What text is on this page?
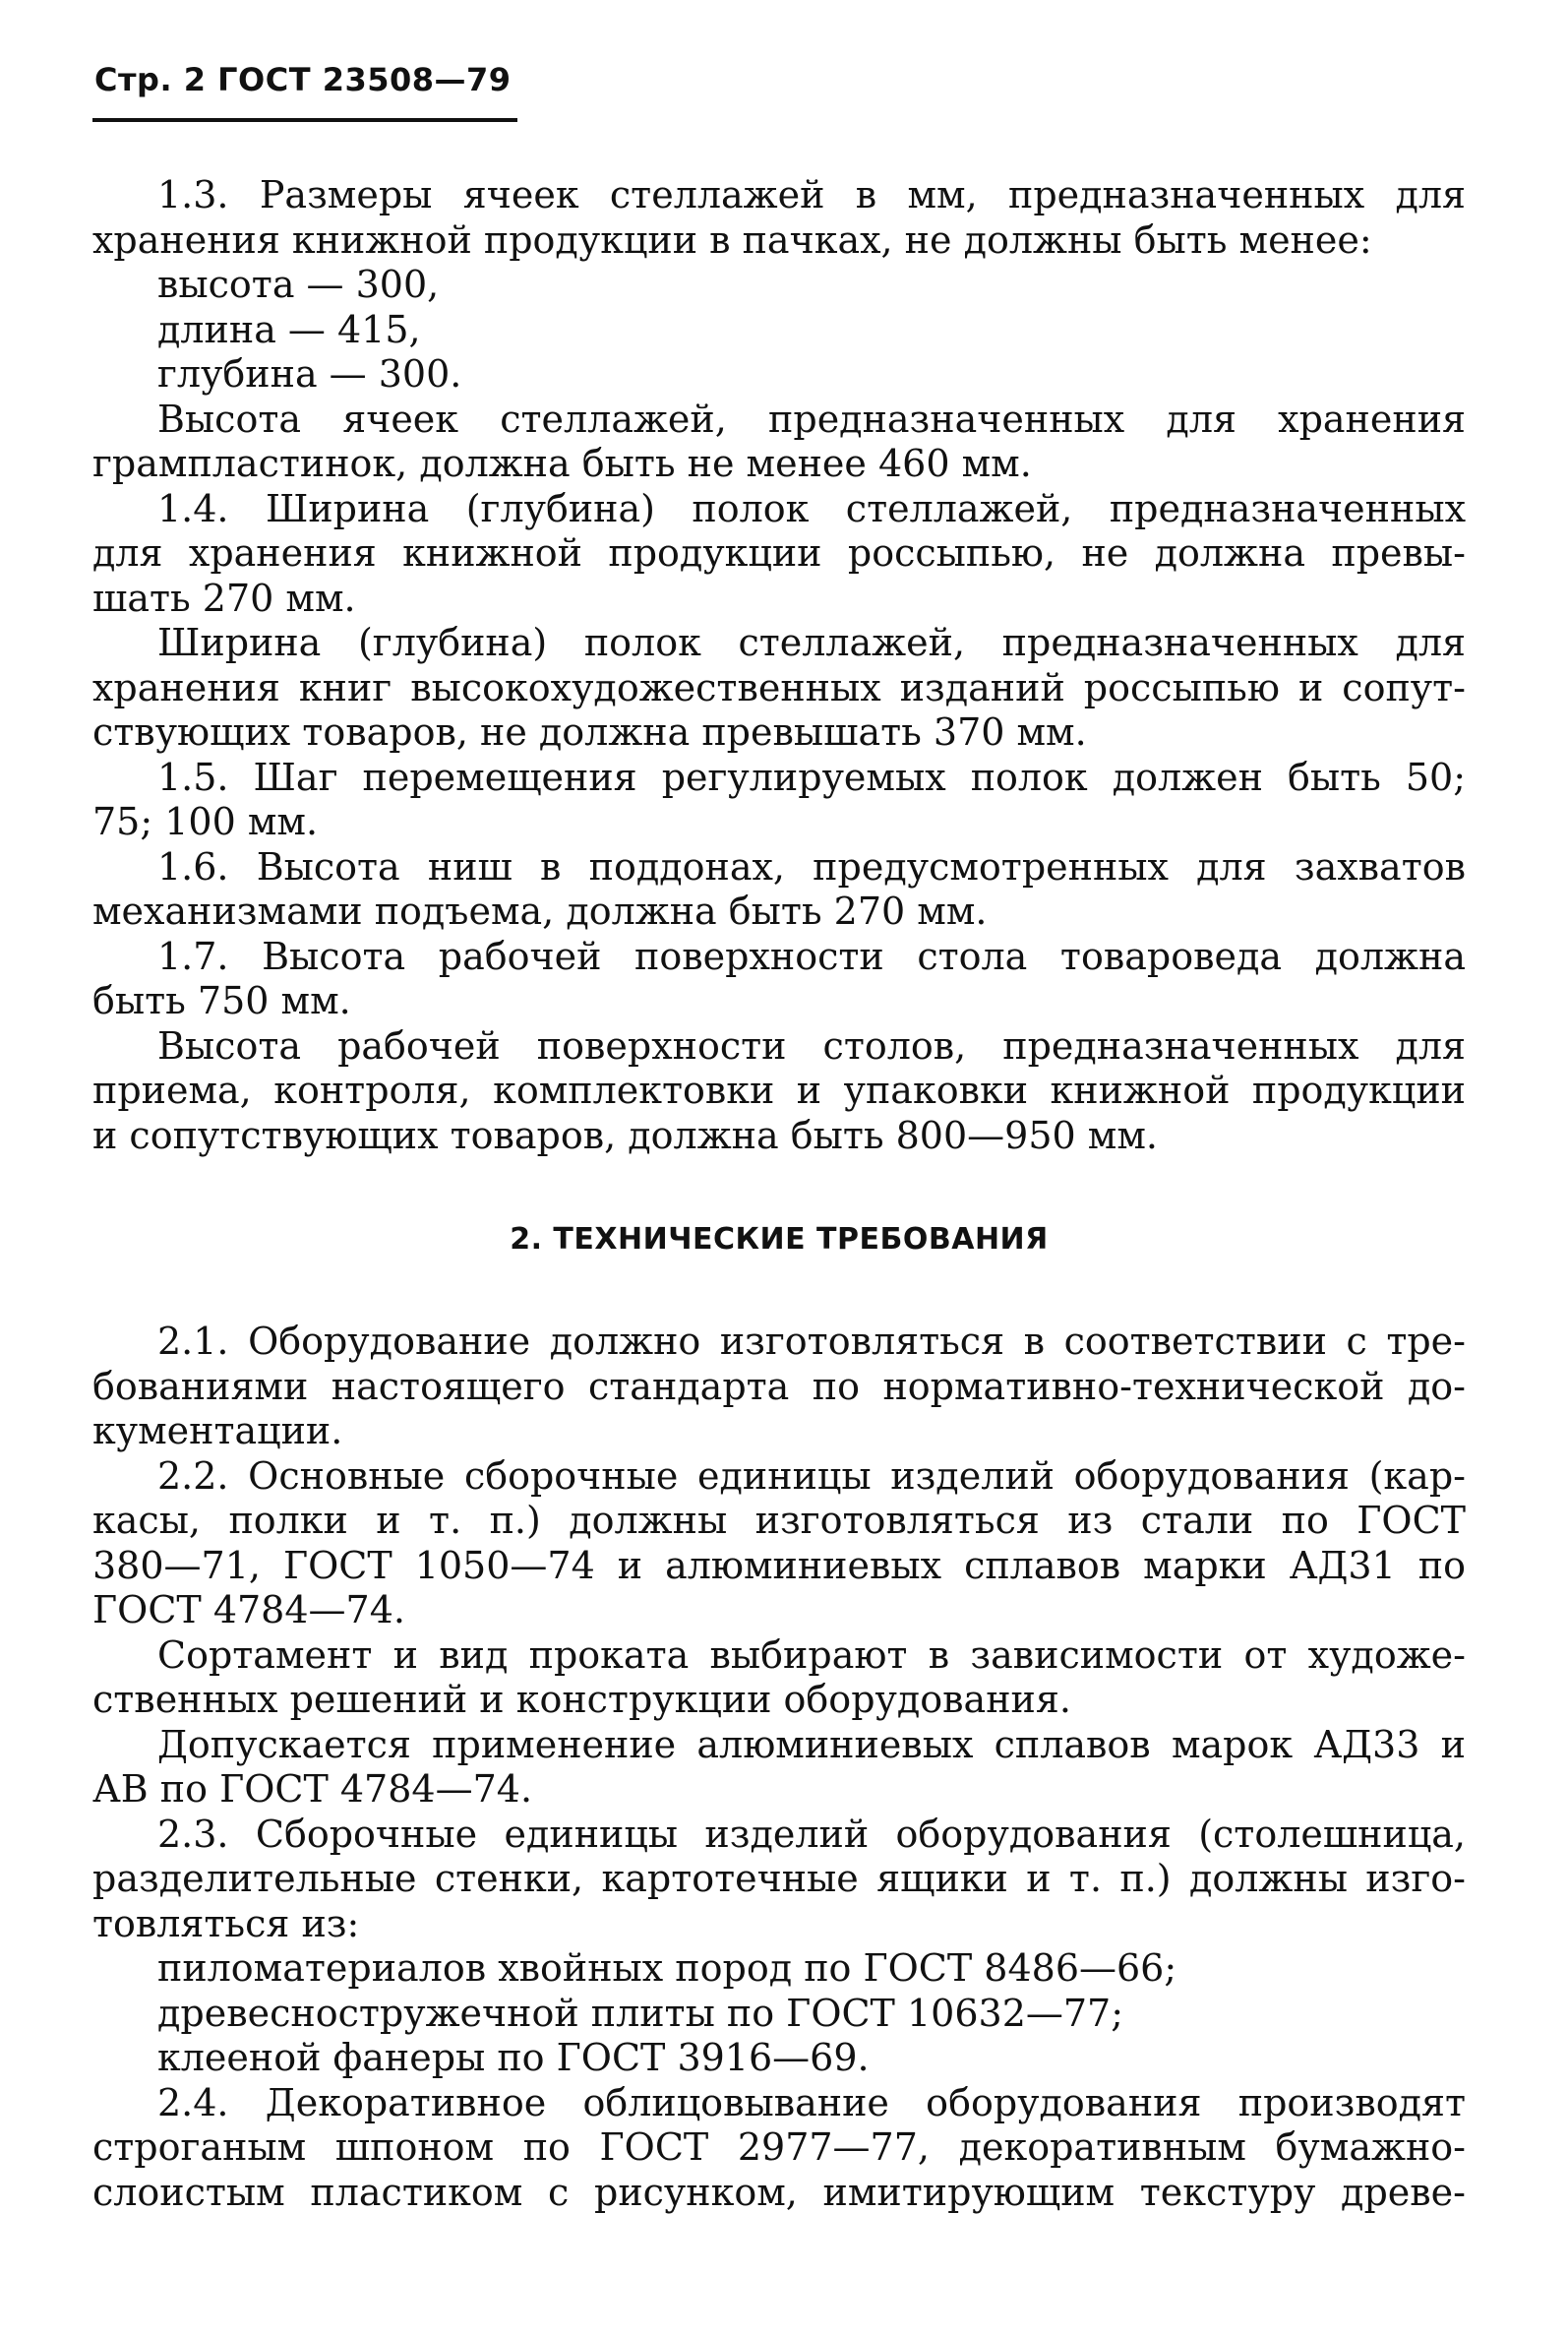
Стр. 2 ГОСТ 23508—79
1.3. Размеры ячеек стеллажей в мм, предназначенных для
хранения книжной продукции в пачках, не должны быть менее:
высота — 300,
длина — 415,
глубина — 300.
Высота ячеек стеллажей, предназначенных для хранения
грампластинок, должна быть не менее 460 мм.
1.4. Ширина (глубина) полок стеллажей, предназначенных
для хранения книжной продукции россыпью, не должна превы-
шать 270 мм.
Ширина (глубина) полок стеллажей, предназначенных для
хранения книг высокохудожественных изданий россыпью и сопут-
ствующих товаров, не должна превышать 370 мм.
1.5. Шаг перемещения регулируемых полок должен быть 50;
75; 100 мм.
1.6. Высота ниш в поддонах, предусмотренных для захватов
механизмами подъема, должна быть 270 мм.
1.7. Высота рабочей поверхности стола товароведа должна
быть 750 мм.
Высота рабочей поверхности столов, предназначенных для
приема, контроля, комплектовки и упаковки книжной продукции
и сопутствующих товаров, должна быть 800—950 мм.
2. ТЕХНИЧЕСКИЕ ТРЕБОВАНИЯ
2.1. Оборудование должно изготовляться в соответствии с тре-
бованиями настоящего стандарта по нормативно-технической до-
кументации.
2.2. Основные сборочные единицы изделий оборудования (кар-
касы, полки и т. п.) должны изготовляться из стали по ГОСТ
380—71, ГОСТ 1050—74 и алюминиевых сплавов марки АД31 по
ГОСТ 4784—74.
Сортамент и вид проката выбирают в зависимости от художе-
ственных решений и конструкции оборудования.
Допускается применение алюминиевых сплавов марок АД33 и
АВ по ГОСТ 4784—74.
2.3. Сборочные единицы изделий оборудования (столешница,
разделительные стенки, картотечные ящики и т. п.) должны изго-
товляться из:
пиломатериалов хвойных пород по ГОСТ 8486—66;
древесностружечной плиты по ГОСТ 10632—77;
клееной фанеры по ГОСТ 3916—69.
2.4. Декоративное облицовывание оборудования производят
строганым шпоном по ГОСТ 2977—77, декоративным бумажно-
слоистым пластиком с рисунком, имитирующим текстуру древе-
